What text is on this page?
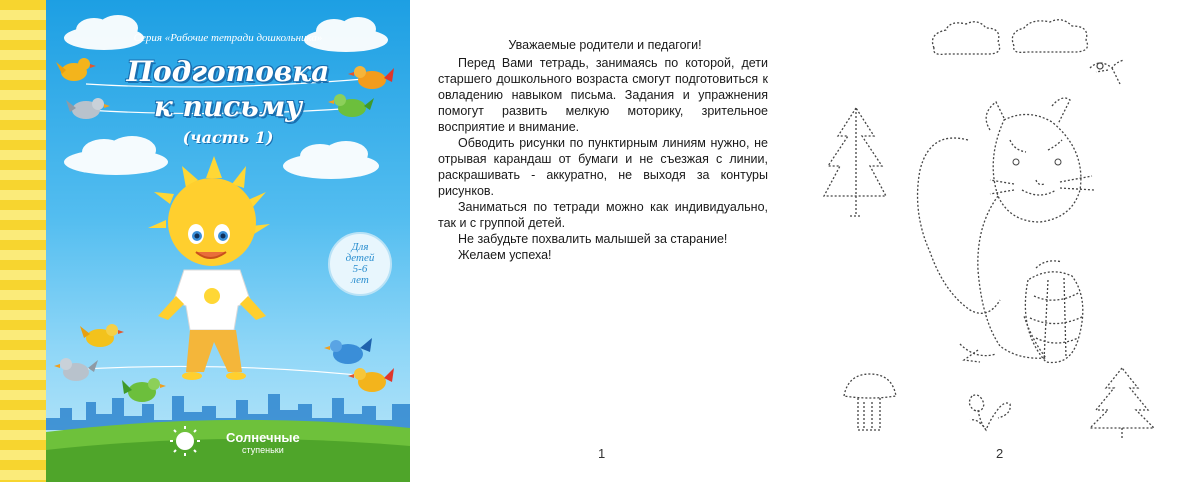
Серия «Рабочие тетради дошкольника»
Подготовка
к письму
(часть 1)
Для
детей
5-6
лет
Солнечные
ступеньки
Уважаемые родители и педагоги!

Перед Вами тетрадь, занимаясь по которой, дети старшего дошкольного возраста смогут подготовиться к овладению навыком письма. Задания и упражнения помогут развить мелкую моторику, зрительное восприятие и внимание.

Обводить рисунки по пунктирным линиям нужно, не отрывая карандаш от бумаги и не съезжая с линии, раскрашивать - аккуратно, не выходя за контуры рисунков.

Заниматься по тетради можно как индивидуально, так и с группой детей.

Не забудьте похвалить малышей за старание!

Желаем успеха!

1	2
